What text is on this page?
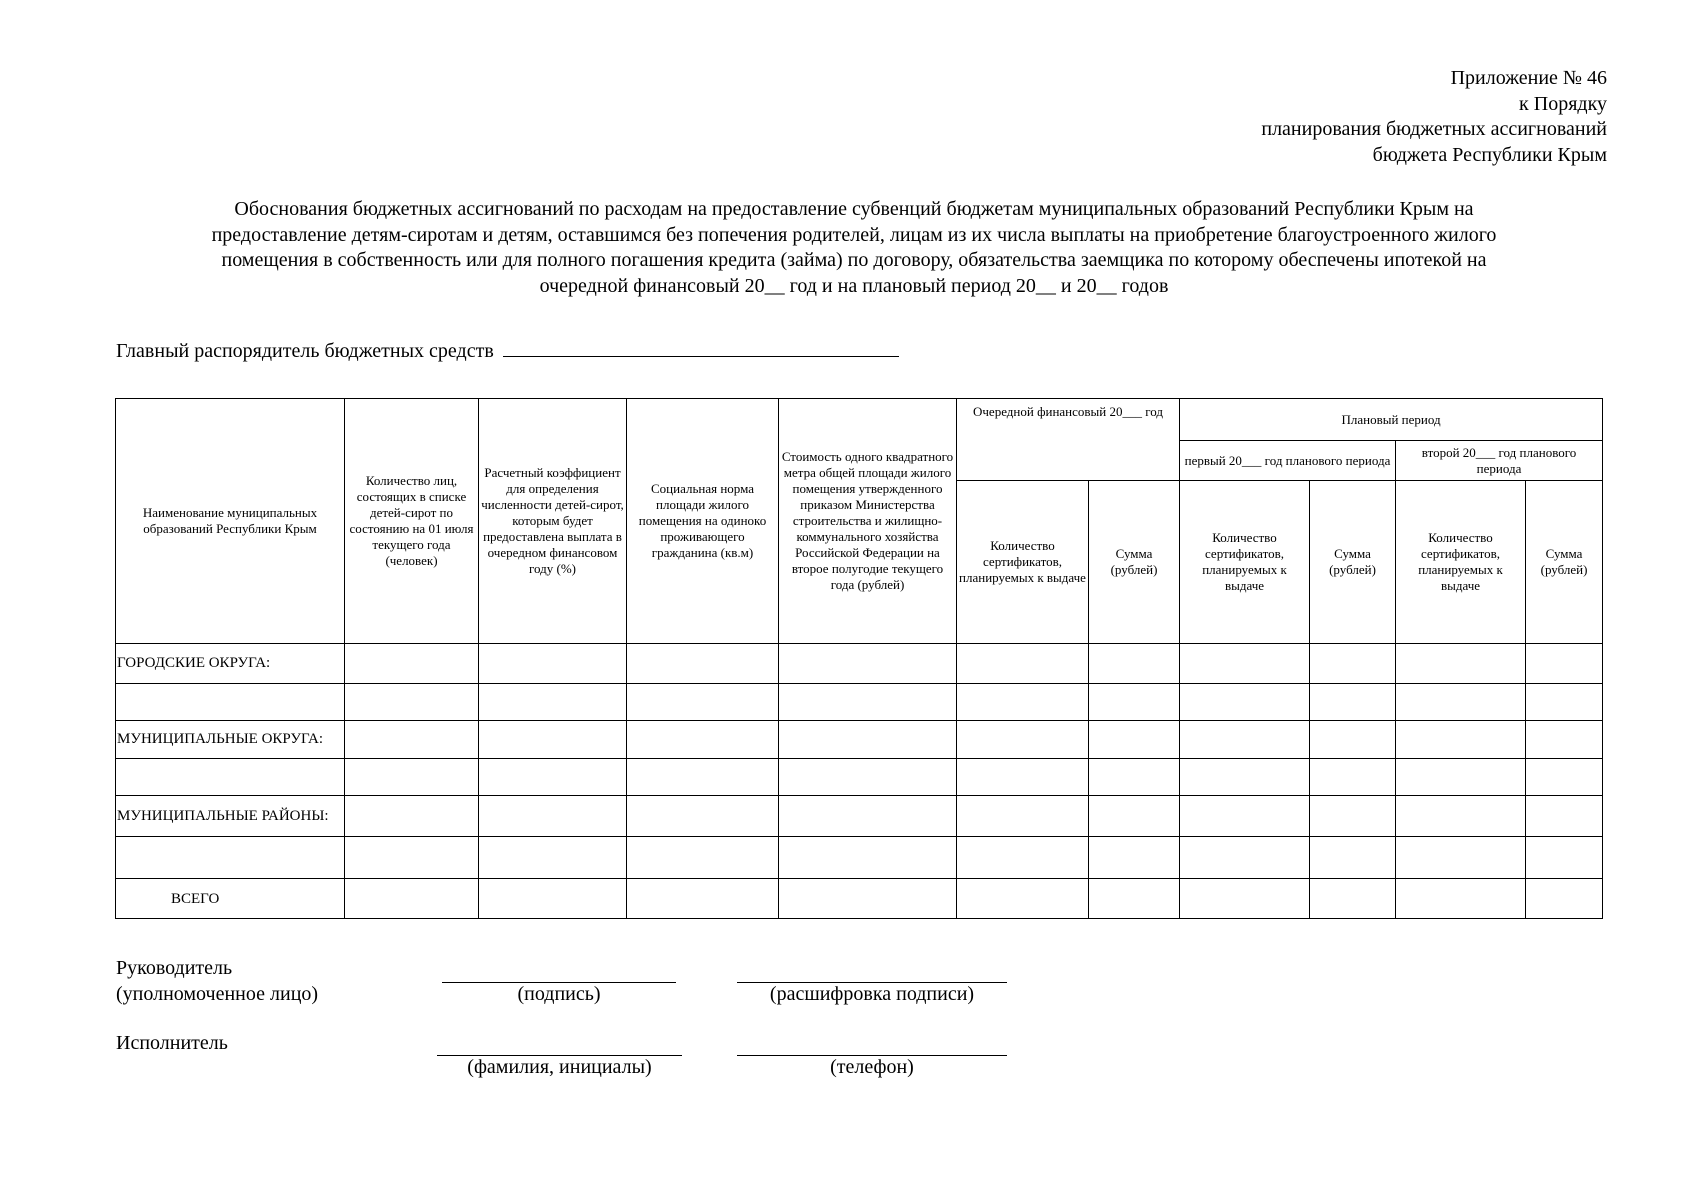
Приложение № 46
к Порядку
планирования бюджетных ассигнований
бюджета Республики Крым
Обоснования бюджетных ассигнований по расходам на предоставление субвенций бюджетам муниципальных образований Республики Крым на
предоставление детям-сиротам и детям, оставшимся без попечения родителей, лицам из их числа выплаты на приобретение благоустроенного жилого
помещения в собственность или для полного погашения кредита (займа) по договору, обязательства заемщика по которому обеспечены ипотекой на
очередной финансовый 20__ год и на плановый период 20__ и 20__ годов
Главный распорядитель бюджетных средств
Наименование муниципальных образований Республики Крым	Количество лиц, состоящих в списке детей-сирот по состоянию на 01 июля текущего года (человек)	Расчетный коэффициент для определения численности детей-сирот, которым будет предоставлена выплата в очередном финансовом году (%)	Социальная норма площади жилого помещения на одиноко проживающего гражданина (кв.м)	Стоимость одного квадратного метра общей площади жилого помещения утвержденного приказом Министерства строительства и жилищно-коммунального хозяйства Российской Федерации на второе полугодие текущего года (рублей)	Очередной финансовый 20___ год		Плановый период			
							первый 20___ год планового периода		второй 20___ год планового периода	
					Количество сертификатов, планируемых к выдаче	Сумма (рублей)	Количество сертификатов, планируемых к выдаче	Сумма (рублей)	Количество сертификатов, планируемых к выдаче	Сумма (рублей)
ГОРОДСКИЕ ОКРУГА:										

МУНИЦИПАЛЬНЫЕ ОКРУГА:										

МУНИЦИПАЛЬНЫЕ РАЙОНЫ:										

ВСЕГО										
Руководитель
(уполномоченное лицо)	(подпись)	(расшифровка подписи)
Исполнитель
(фамилия, инициалы)	(телефон)
